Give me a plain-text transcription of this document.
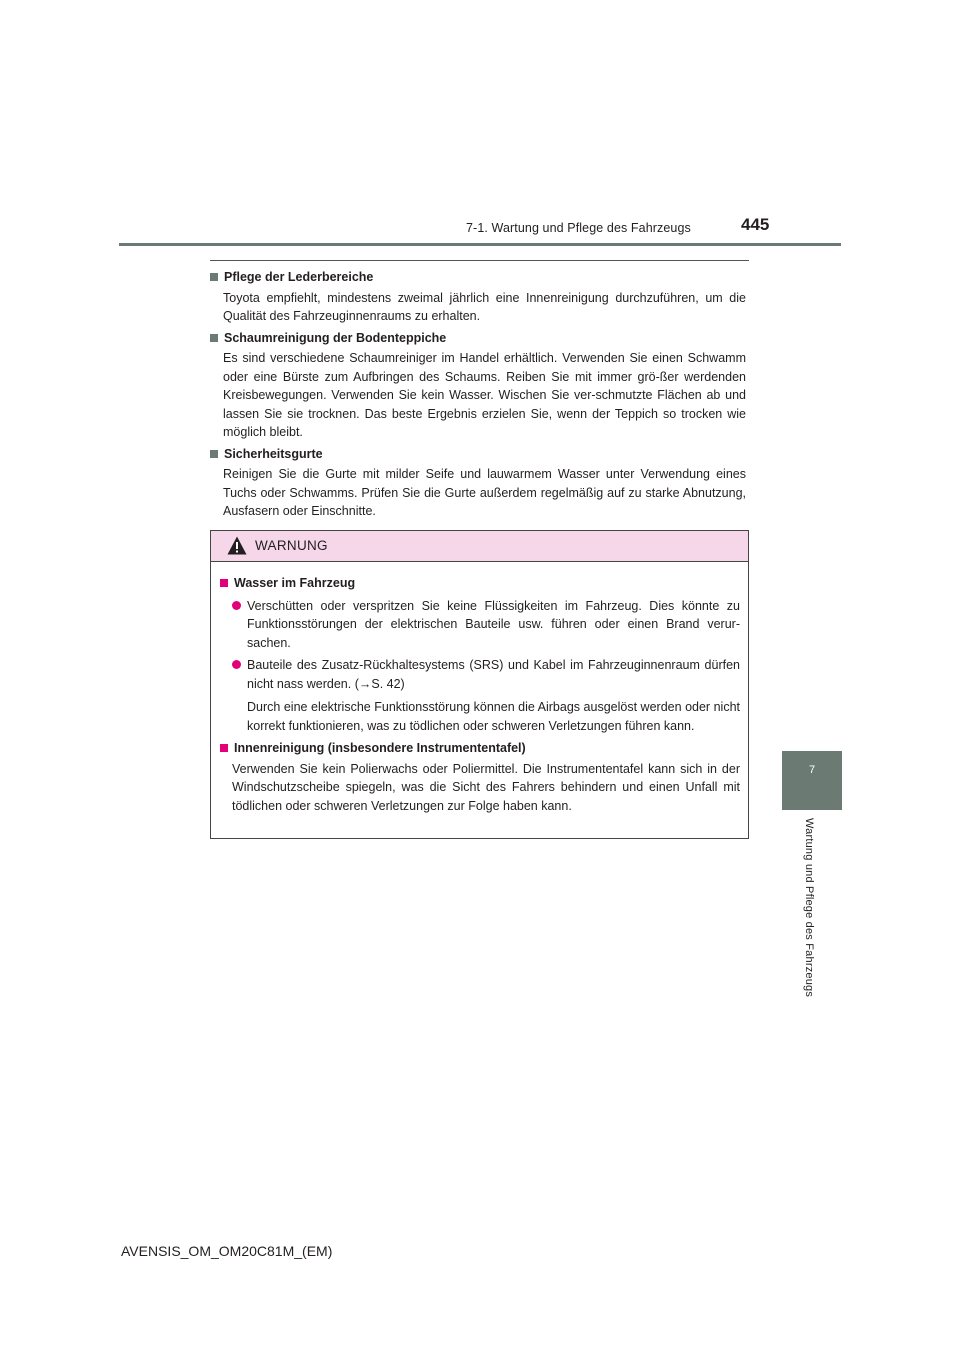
7-1. Wartung und Pflege des Fahrzeugs	445
7
Wartung und Pflege des Fahrzeugs
Pflege der Lederbereiche
Toyota empfiehlt, mindestens zweimal jährlich eine Innenreinigung durchzuführen, um die Qualität des Fahrzeuginnenraums zu erhalten.
Schaumreinigung der Bodenteppiche
Es sind verschiedene Schaumreiniger im Handel erhältlich. Verwenden Sie einen Schwamm oder eine Bürste zum Aufbringen des Schaums. Reiben Sie mit immer grö-ßer werdenden Kreisbewegungen. Verwenden Sie kein Wasser. Wischen Sie ver-schmutzte Flächen ab und lassen Sie sie trocknen. Das beste Ergebnis erzielen Sie, wenn der Teppich so trocken wie möglich bleibt.
Sicherheitsgurte
Reinigen Sie die Gurte mit milder Seife und lauwarmem Wasser unter Verwendung eines Tuchs oder Schwamms. Prüfen Sie die Gurte außerdem regelmäßig auf zu starke Abnutzung, Ausfasern oder Einschnitte.
WARNUNG
Wasser im Fahrzeug
Verschütten oder verspritzen Sie keine Flüssigkeiten im Fahrzeug. Dies könnte zu Funktionsstörungen der elektrischen Bauteile usw. führen oder einen Brand verur-sachen.
Bauteile des Zusatz-Rückhaltesystems (SRS) und Kabel im Fahrzeuginnenraum dürfen nicht nass werden. (→S. 42)
Durch eine elektrische Funktionsstörung können die Airbags ausgelöst werden oder nicht korrekt funktionieren, was zu tödlichen oder schweren Verletzungen führen kann.
Innenreinigung (insbesondere Instrumententafel)
Verwenden Sie kein Polierwachs oder Poliermittel. Die Instrumententafel kann sich in der Windschutzscheibe spiegeln, was die Sicht des Fahrers behindern und einen Unfall mit tödlichen oder schweren Verletzungen zur Folge haben kann.
AVENSIS_OM_OM20C81M_(EM)
